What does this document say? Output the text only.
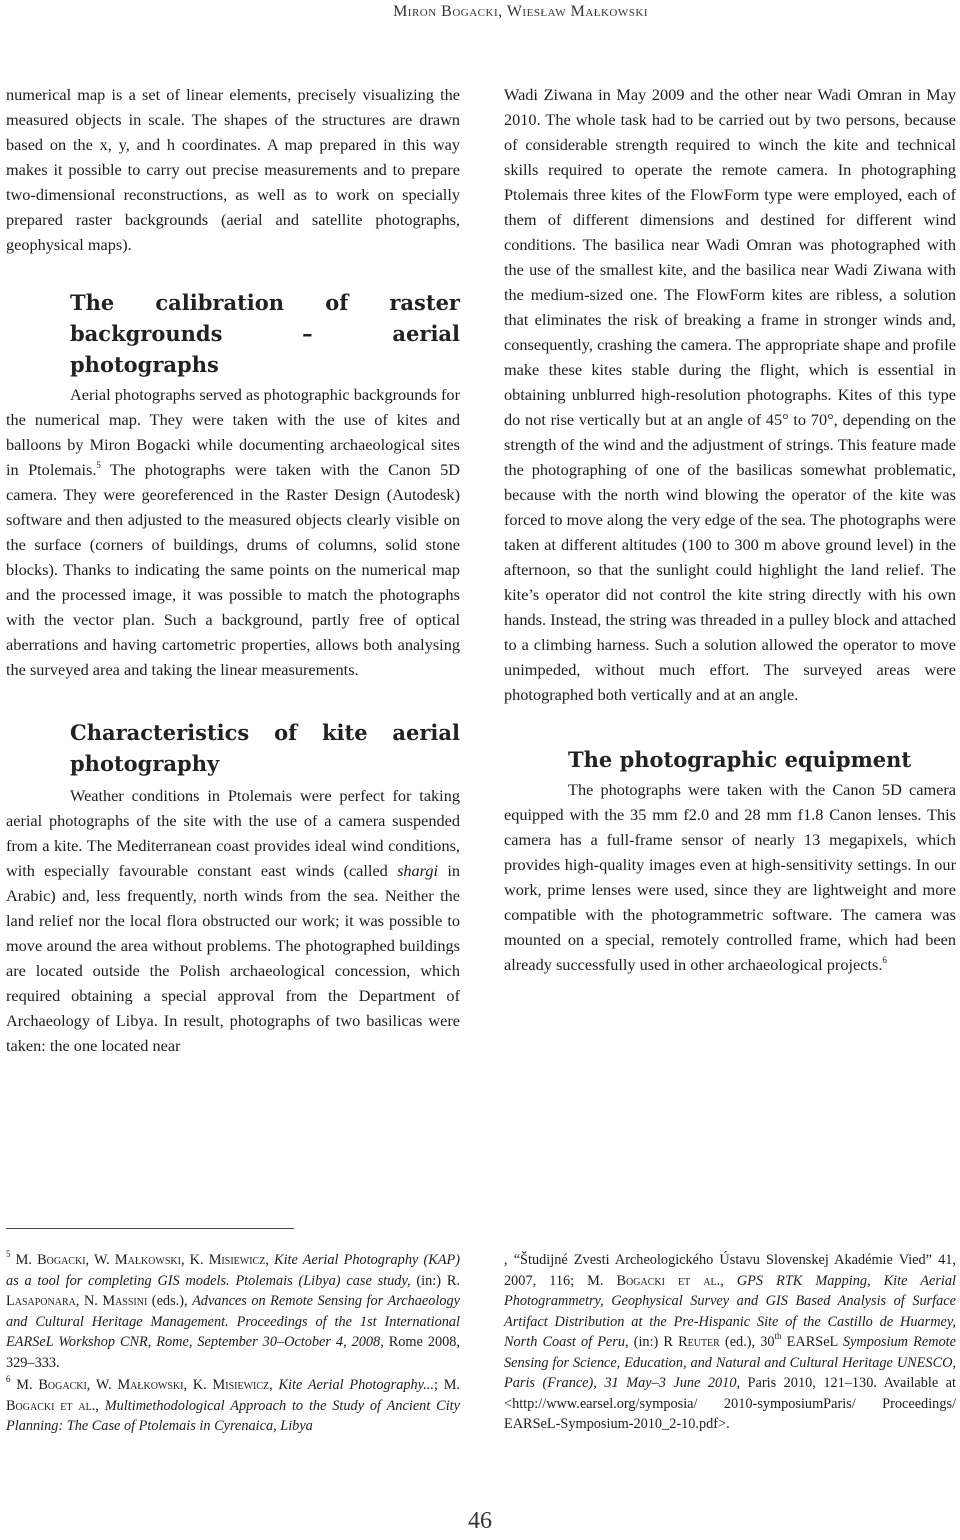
Miron Bogacki, Wiesław Małkowski

numerical map is a set of linear elements, precisely visualizing the measured objects in scale. The shapes of the structures are drawn based on the x, y, and h coordinates. A map prepared in this way makes it possible to carry out precise measurements and to prepare two-dimensional reconstructions, as well as to work on specially prepared raster backgrounds (aerial and satellite photographs, geophysical maps).

The calibration of raster backgrounds – aerial photographs

Aerial photographs served as photographic backgrounds for the numerical map. They were taken with the use of kites and balloons by Miron Bogacki while documenting archaeological sites in Ptolemais.$^5$ The photographs were taken with the Canon 5D camera. They were georeferenced in the Raster Design (Autodesk) software and then adjusted to the measured objects clearly visible on the surface (corners of buildings, drums of columns, solid stone blocks). Thanks to indicating the same points on the numerical map and the processed image, it was possible to match the photographs with the vector plan. Such a background, partly free of optical aberrations and having cartometric properties, allows both analysing the surveyed area and taking the linear measurements.

Characteristics of kite aerial photography

Weather conditions in Ptolemais were perfect for taking aerial photographs of the site with the use of a camera suspended from a kite. The Mediterranean coast provides ideal wind conditions, with especially favourable constant east winds (called shargi in Arabic) and, less frequently, north winds from the sea. Neither the land relief nor the local flora obstructed our work; it was possible to move around the area without problems. The photographed buildings are located outside the Polish archaeological concession, which required obtaining a special approval from the Department of Archaeology of Libya. In result, photographs of two basilicas were taken: the one located near

Wadi Ziwana in May 2009 and the other near Wadi Omran in May 2010. The whole task had to be carried out by two persons, because of considerable strength required to winch the kite and technical skills required to operate the remote camera. In photographing Ptolemais three kites of the FlowForm type were employed, each of them of different dimensions and destined for different wind conditions. The basilica near Wadi Omran was photographed with the use of the smallest kite, and the basilica near Wadi Ziwana with the medium-sized one. The FlowForm kites are ribless, a solution that eliminates the risk of breaking a frame in stronger winds and, consequently, crashing the camera. The appropriate shape and profile make these kites stable during the flight, which is essential in obtaining unblurred high-resolution photographs. Kites of this type do not rise vertically but at an angle of 45° to 70°, depending on the strength of the wind and the adjustment of strings. This feature made the photographing of one of the basilicas somewhat problematic, because with the north wind blowing the operator of the kite was forced to move along the very edge of the sea. The photographs were taken at different altitudes (100 to 300 m above ground level) in the afternoon, so that the sunlight could highlight the land relief. The kite’s operator did not control the kite string directly with his own hands. Instead, the string was threaded in a pulley block and attached to a climbing harness. Such a solution allowed the operator to move unimpeded, without much effort. The surveyed areas were photographed both vertically and at an angle.

The photographic equipment

The photographs were taken with the Canon 5D camera equipped with the 35 mm f2.0 and 28 mm f1.8 Canon lenses. This camera has a full-frame sensor of nearly 13 megapixels, which provides high-quality images even at high-sensitivity settings. In our work, prime lenses were used, since they are lightweight and more compatible with the photogrammetric software. The camera was mounted on a special, remotely controlled frame, which had been already successfully used in other archaeological projects.$^6$

$^5$ M. Bogacki, W. Małkowski, K. Misiewicz, Kite Aerial Photography (KAP) as a tool for completing GIS models. Ptolemais (Libya) case study, (in:) R. Lasaponara, N. Massini (eds.), Advances on Remote Sensing for Archaeology and Cultural Heritage Management. Proceedings of the 1st International EARSeL Workshop CNR, Rome, September 30–October 4, 2008, Rome 2008, 329–333.

$^6$ M. Bogacki, W. Małkowski, K. Misiewicz, Kite Aerial Photography...; M. Bogacki et al., Multimethodological Approach to the Study of Ancient City Planning: The Case of Ptolemais in Cyrenaica, Libya

, “Študijné Zvesti Archeologického Ústavu Slovenskej Akadémie Vied” 41, 2007, 116; M. Bogacki et al., GPS RTK Mapping, Kite Aerial Photogrammetry, Geophysical Survey and GIS Based Analysis of Surface Artifact Distribution at the Pre-Hispanic Site of the Castillo de Huarmey, North Coast of Peru, (in:) R Reuter (ed.), 30th EARSeL Symposium Remote Sensing for Science, Education, and Natural and Cultural Heritage UNESCO, Paris (France), 31 May–3 June 2010, Paris 2010, 121–130. Available at <http://www.earsel.org/symposia/ 2010-symposiumParis/ Proceedings/ EARSeL-Symposium-2010_2-10.pdf>.

46
